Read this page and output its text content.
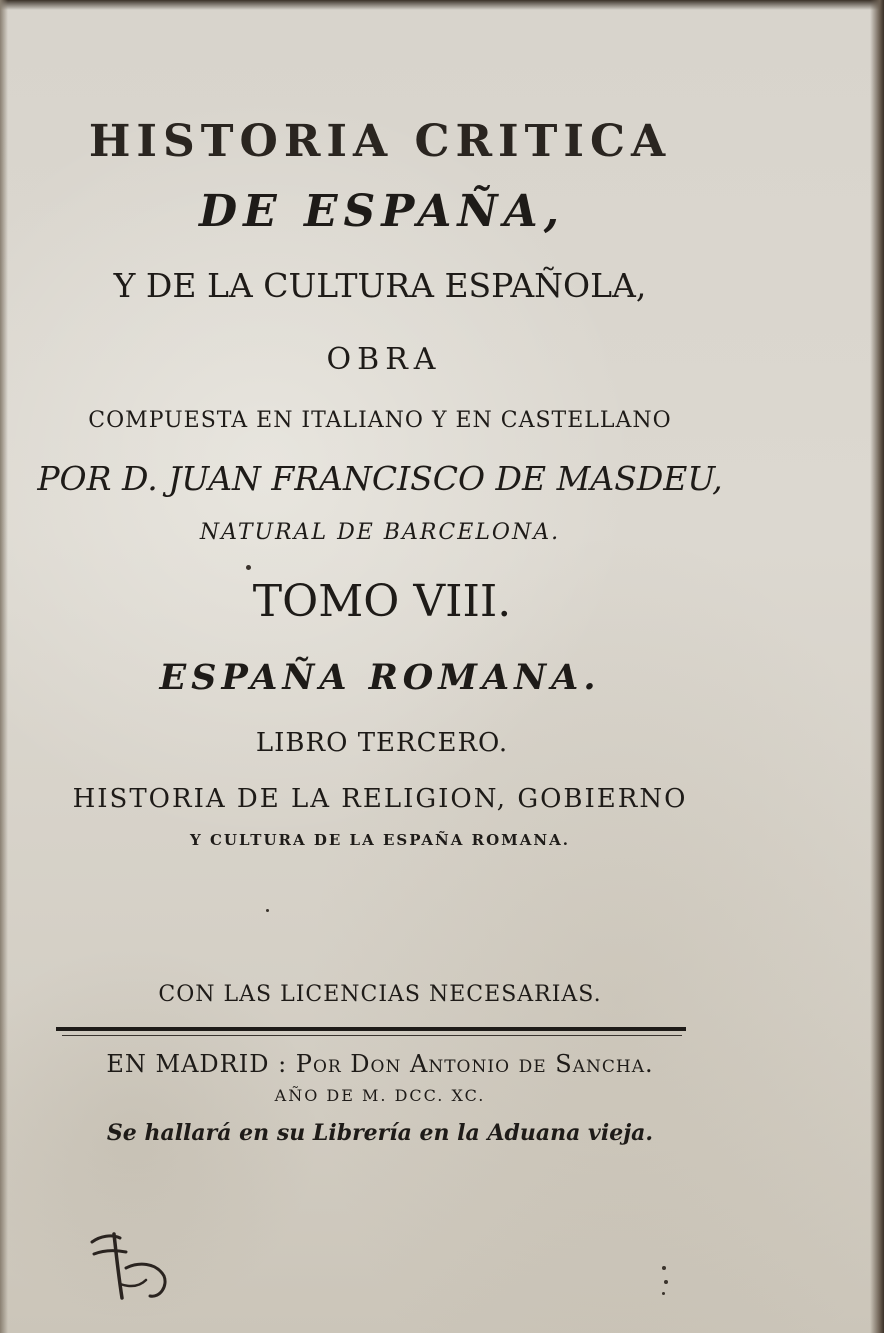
HISTORIA CRITICA
DE ESPAÑA,
Y DE LA CULTURA ESPAÑOLA,
OBRA
COMPUESTA EN ITALIANO Y EN CASTELLANO
POR D. JUAN FRANCISCO DE MASDEU,
NATURAL DE BARCELONA.
TOMO VIII.
ESPAÑA ROMANA.
LIBRO TERCERO.
HISTORIA DE LA RELIGION, GOBIERNO
Y CULTURA DE LA ESPAÑA ROMANA.
CON LAS LICENCIAS NECESARIAS.
EN MADRID : Por Don Antonio de Sancha.
AÑO DE M. DCC. XC.
Se hallará en su Librería en la Aduana vieja.
